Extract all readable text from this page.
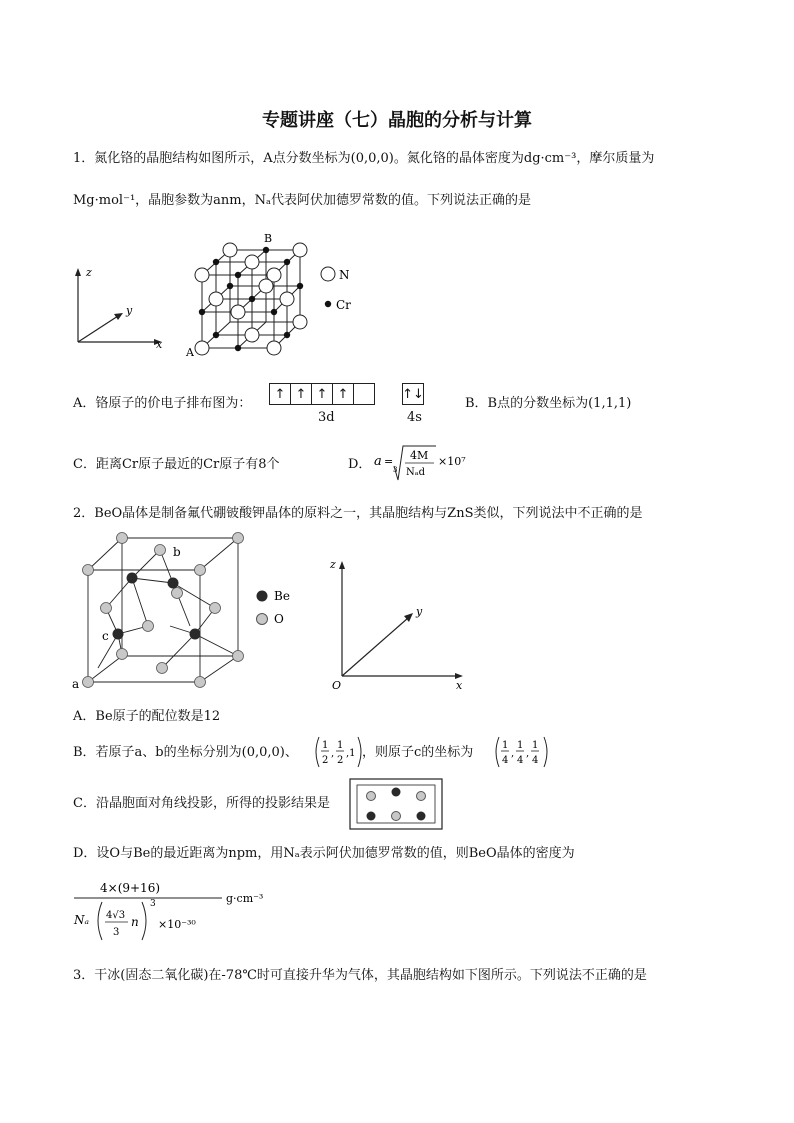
专题讲座（七）晶胞的分析与计算
1．氮化铬的晶胞结构如图所示，A点分数坐标为(0,0,0)。氮化铬的晶体密度为dg·cm⁻³，摩尔质量为
Mg·mol⁻¹，晶胞参数为anm，Nₐ代表阿伏加德罗常数的值。下列说法正确的是
z
y
x
A
B
N
Cr
A．铬原子的价电子排布图为：
↑ ↑ ↑ ↑	↑↓
3d	4s
B．B点的分数坐标为(1,1,1)
C．距离Cr原子最近的Cr原子有8个	D． a =
3
4M
Nₐd
×10⁷
2．BeO晶体是制备氟代硼铍酸钾晶体的原料之一，其晶胞结构与ZnS类似，下列说法中不正确的是
a
b
c
Be
O
z
y
x
O
A．Be原子的配位数是12
B．若原子a、b的坐标分别为(0,0,0)、 1
2
,
1
2
,1
(1/2,1/2,1)
，则原子c的坐标为	1
4
,
1
4
,
1
4
(1/4,1/4,1/4)
C．沿晶胞面对角线投影，所得的投影结果是
D．设O与Be的最近距离为npm，用Nₐ表示阿伏加德罗常数的值，则BeO晶体的密度为
4×(9+16)
g·cm⁻³
Nₐ 4√3
3
n
3
×10⁻³⁰
3．干冰(固态二氧化碳)在-78℃时可直接升华为气体，其晶胞结构如下图所示。下列说法不正确的是
